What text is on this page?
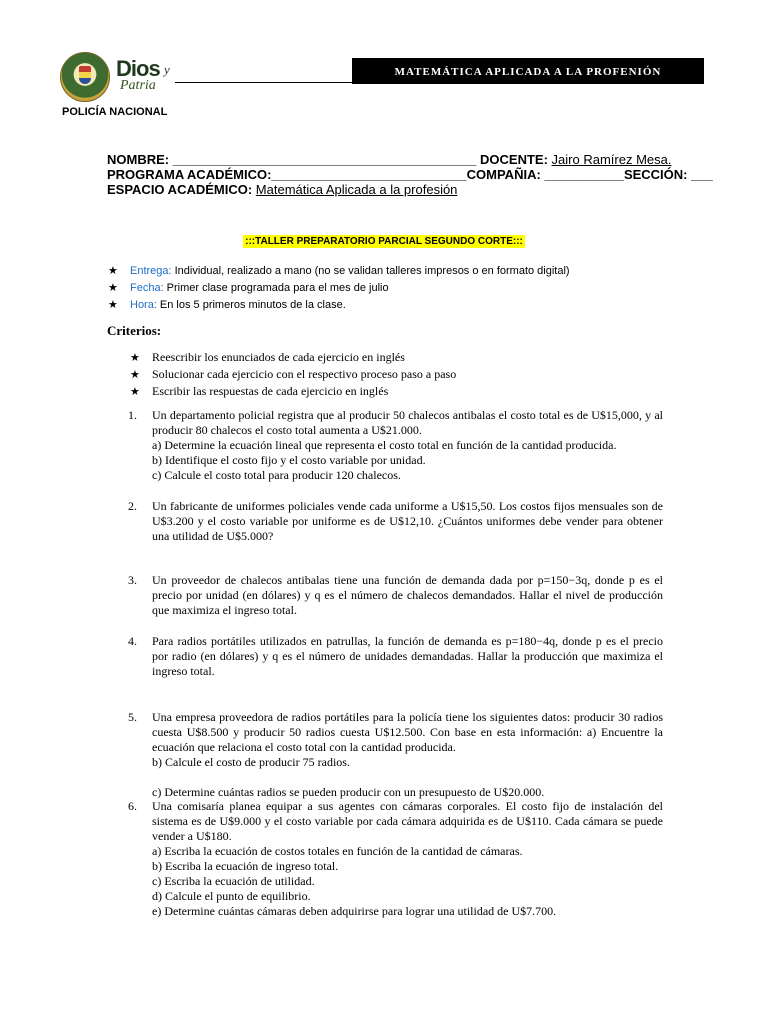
Dios y
Patria
POLICÍA NACIONAL
MATEMÁTICA APLICADA A LA PROFENIÓN
NOMBRE: __________________________________________ DOCENTE: Jairo Ramírez Mesa.
PROGRAMA ACADÉMICO:___________________________COMPAÑIA: ___________SECCIÓN: ___
ESPACIO ACADÉMICO: Matemática Aplicada a la profesión
:::TALLER PREPARATORIO PARCIAL SEGUNDO CORTE:::
★	Entrega: Individual, realizado a mano (no se validan talleres impresos o en formato digital)
★	Fecha: Primer clase programada para el mes de julio
★	Hora: En los 5 primeros minutos de la clase.
Criterios:
★	Reescribir los enunciados de cada ejercicio en inglés
★	Solucionar cada ejercicio con el respectivo proceso paso a paso
★	Escribir las respuestas de cada ejercicio en inglés
1.	Un departamento policial registra que al producir 50 chalecos antibalas el costo total es de U$15,000, y al producir 80 chalecos el costo total aumenta a U$21.000.

a) Determine la ecuación lineal que representa el costo total en función de la cantidad producida.

b) Identifique el costo fijo y el costo variable por unidad.

c) Calcule el costo total para producir 120 chalecos.

2.	Un fabricante de uniformes policiales vende cada uniforme a U$15,50. Los costos fijos mensuales son de U$3.200 y el costo variable por uniforme es de U$12,10. ¿Cuántos uniformes debe vender para obtener una utilidad de U$5.000?

3.	Un proveedor de chalecos antibalas tiene una función de demanda dada por p=150−3q, donde p es el precio por unidad (en dólares) y q es el número de chalecos demandados. Hallar el nivel de producción que maximiza el ingreso total.

4.	Para radios portátiles utilizados en patrullas, la función de demanda es p=180−4q, donde p es el precio por radio (en dólares) y q es el número de unidades demandadas. Hallar la producción que maximiza el ingreso total.

5.	Una empresa proveedora de radios portátiles para la policía tiene los siguientes datos: producir 30 radios cuesta U$8.500 y producir 50 radios cuesta U$12.500. Con base en esta información: a) Encuentre la ecuación que relaciona el costo total con la cantidad producida.

b) Calcule el costo de producir 75 radios.

c) Determine cuántas radios se pueden producir con un presupuesto de U$20.000.

6.	Una comisaría planea equipar a sus agentes con cámaras corporales. El costo fijo de instalación del sistema es de U$9.000 y el costo variable por cada cámara adquirida es de U$110. Cada cámara se puede vender a U$180.

a) Escriba la ecuación de costos totales en función de la cantidad de cámaras.

b) Escriba la ecuación de ingreso total.

c) Escriba la ecuación de utilidad.

d) Calcule el punto de equilibrio.

e) Determine cuántas cámaras deben adquirirse para lograr una utilidad de U$7.700.
